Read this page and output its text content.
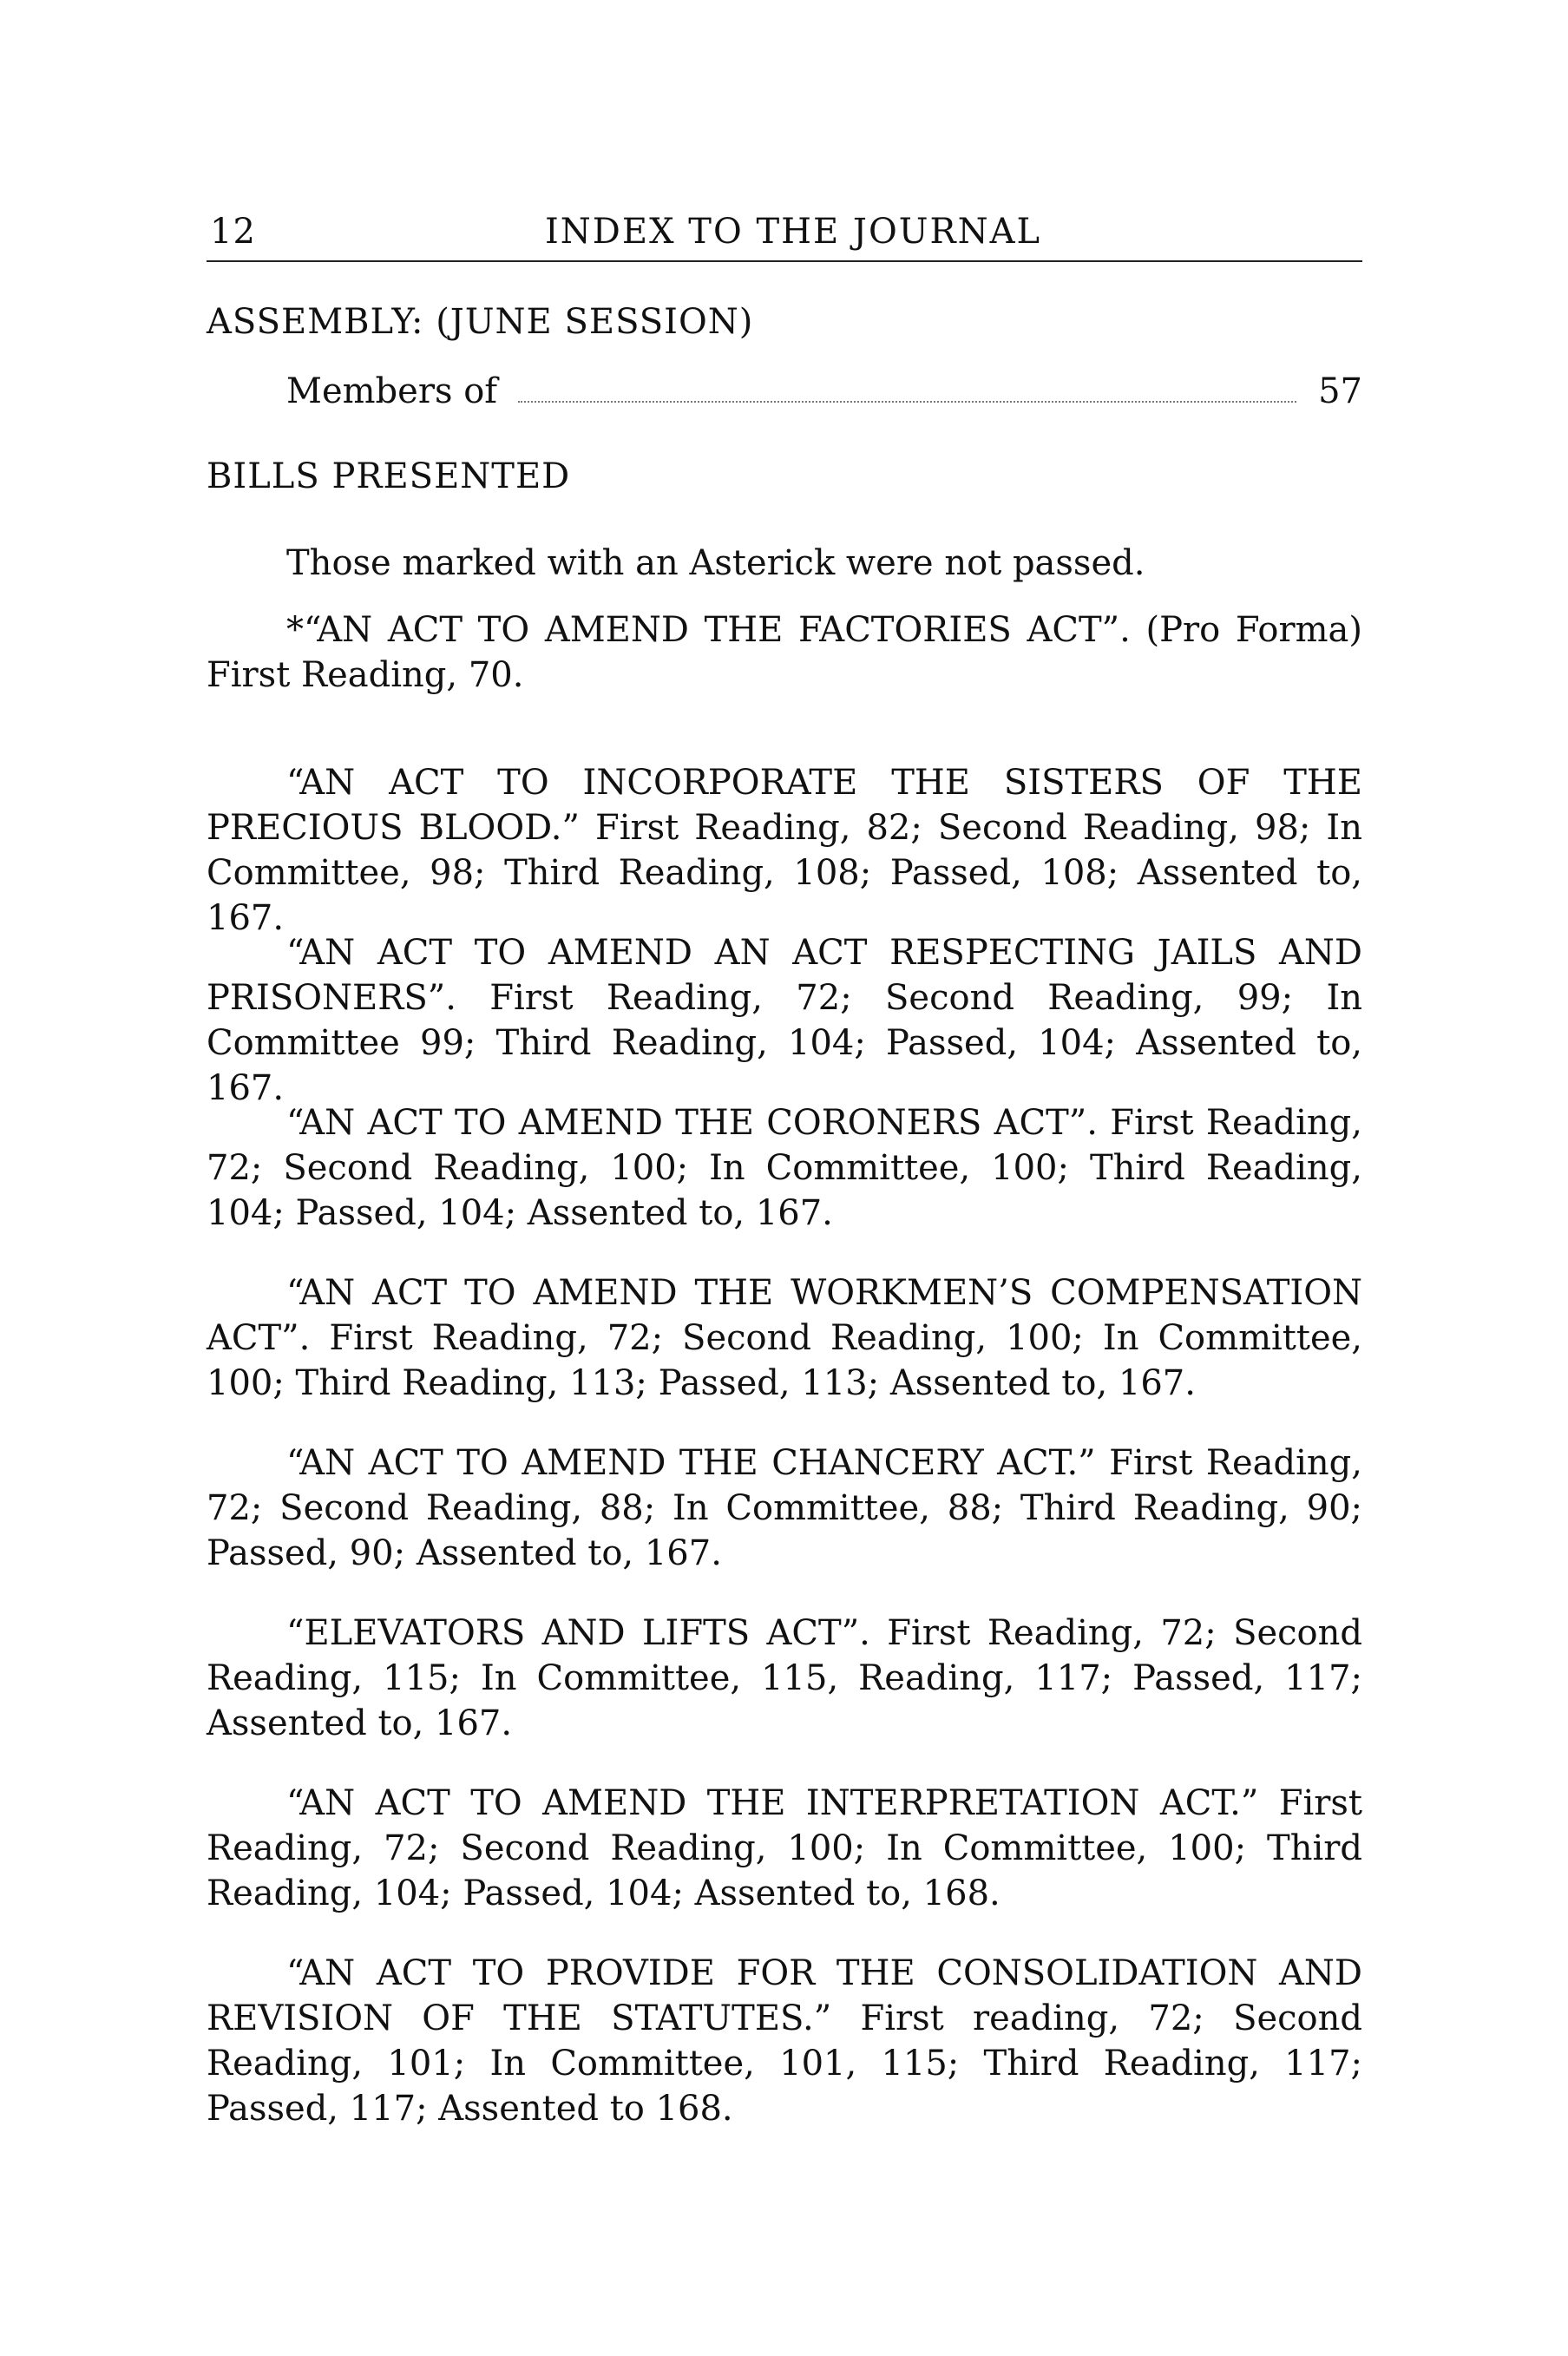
12	INDEX TO THE JOURNAL
ASSEMBLY: (JUNE SESSION)
Members of	57
BILLS PRESENTED
Those marked with an Asterick were not passed.

*“AN ACT TO AMEND THE FACTORIES ACT”. (Pro Forma) First Reading, 70.

“AN ACT TO INCORPORATE THE SISTERS OF THE PRECIOUS BLOOD.” First Reading, 82; Second Reading, 98; In Committee, 98; Third Reading, 108; Passed, 108; Assented to, 167.

“AN ACT TO AMEND AN ACT RESPECTING JAILS AND PRISONERS”. First Reading, 72; Second Reading, 99; In Committee 99; Third Reading, 104; Passed, 104; Assented to, 167.

“AN ACT TO AMEND THE CORONERS ACT”. First Reading, 72; Second Reading, 100; In Committee, 100; Third Reading, 104; Passed, 104; Assented to, 167.

“AN ACT TO AMEND THE WORKMEN’S COMPENSATION ACT”. First Reading, 72; Second Reading, 100; In Committee, 100; Third Reading, 113; Passed, 113; Assented to, 167.

“AN ACT TO AMEND THE CHANCERY ACT.” First Reading, 72; Second Reading, 88; In Committee, 88; Third Reading, 90; Passed, 90; Assented to, 167.

“ELEVATORS AND LIFTS ACT”. First Reading, 72; Second Reading, 115; In Committee, 115, Reading, 117; Passed, 117; Assented to, 167.

“AN ACT TO AMEND THE INTERPRETATION ACT.” First Reading, 72; Second Reading, 100; In Committee, 100; Third Reading, 104; Passed, 104; Assented to, 168.

“AN ACT TO PROVIDE FOR THE CONSOLIDATION AND REVISION OF THE STATUTES.” First reading, 72; Second Reading, 101; In Committee, 101, 115; Third Reading, 117; Passed, 117; Assented to 168.
